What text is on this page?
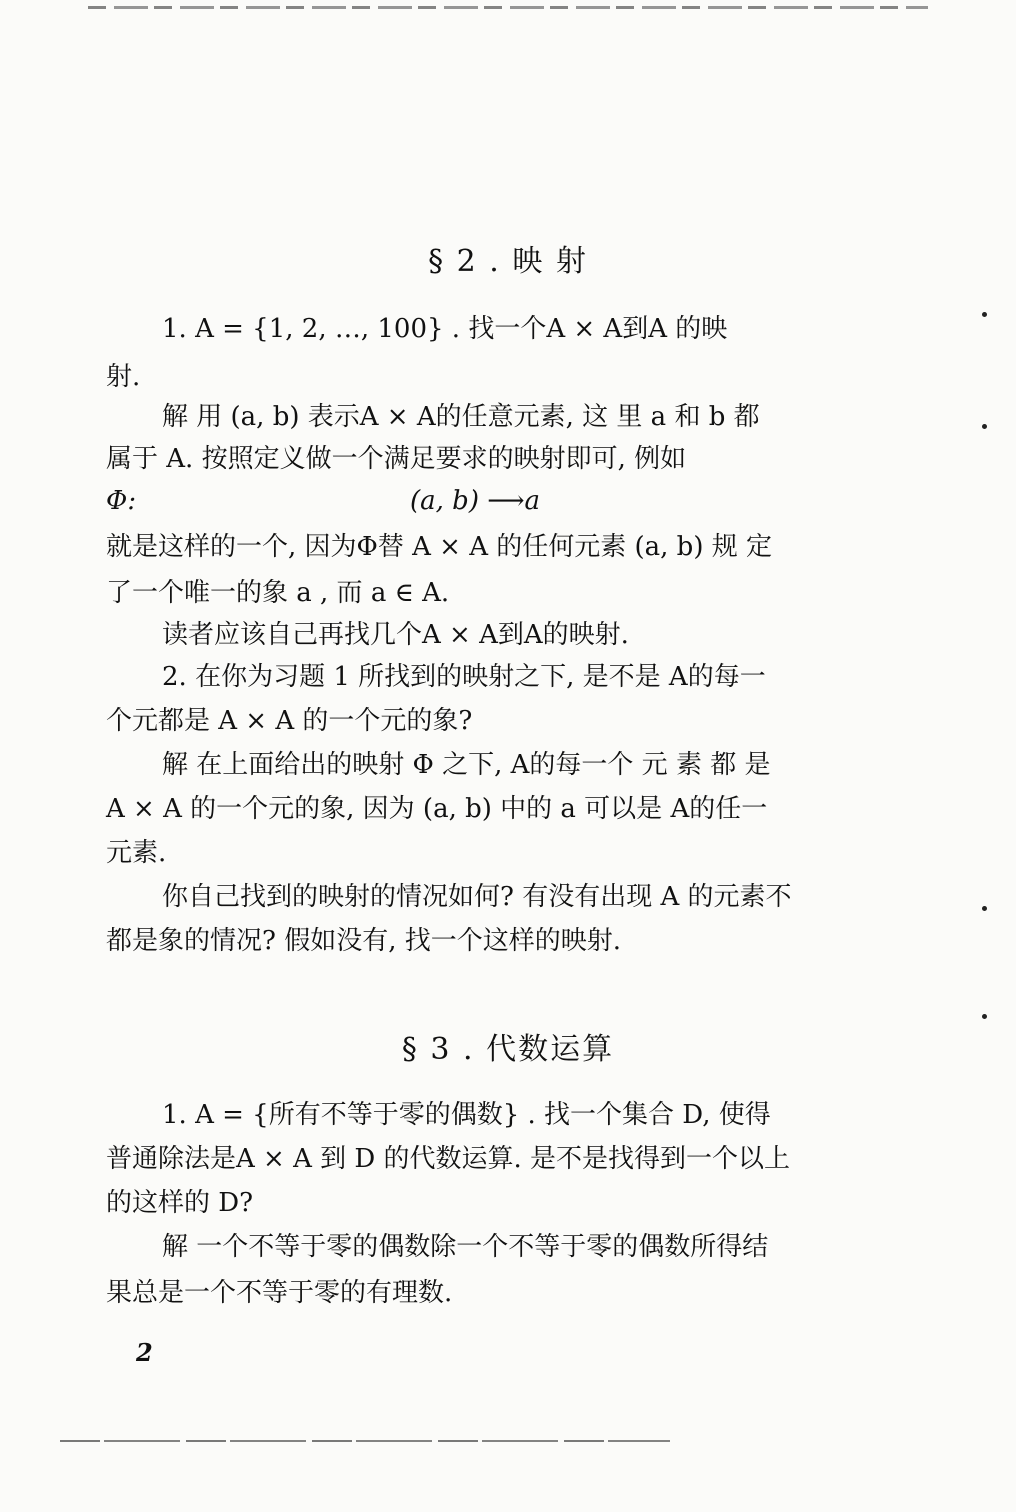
§ 2 . 映 射
1. A = {1, 2, …, 100} . 找一个A × A到A 的映
射.
解 用 (a, b) 表示A × A的任意元素, 这 里 a 和 b 都
属于 A. 按照定义做一个满足要求的映射即可, 例如
Φ:	(a, b) ⟶a
就是这样的一个, 因为Φ替 A × A 的任何元素 (a, b) 规 定
了一个唯一的象 a , 而 a ∈ A.
读者应该自己再找几个A × A到A的映射.
2. 在你为习题 1 所找到的映射之下, 是不是 A的每一
个元都是 A × A 的一个元的象?
解 在上面给出的映射 Φ 之下, A的每一个 元 素 都 是
A × A 的一个元的象, 因为 (a, b) 中的 a 可以是 A的任一
元素.
你自己找到的映射的情况如何? 有没有出现 A 的元素不
都是象的情况? 假如没有, 找一个这样的映射.
§ 3 . 代数运算
1. A = {所有不等于零的偶数} . 找一个集合 D, 使得
普通除法是A × A 到 D 的代数运算. 是不是找得到一个以上
的这样的 D?
解 一个不等于零的偶数除一个不等于零的偶数所得结
果总是一个不等于零的有理数.
2
